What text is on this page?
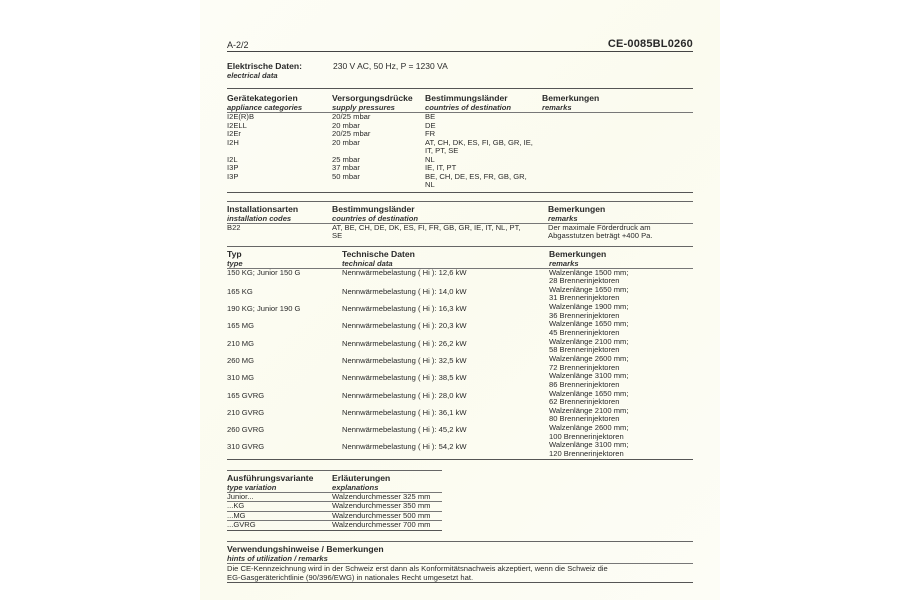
A-2/2	CE-0085BL0260
Elektrische Daten:
electrical data
230 V AC, 50 Hz, P = 1230 VA
Gerätekategorien
appliance categories
Versorgungsdrücke
supply pressures
Bestimmungsländer
countries of destination
Bemerkungen
remarks
I2E(R)B	20/25 mbar	BE
I2ELL	20 mbar	DE
I2Er	20/25 mbar	FR
I2H	20 mbar	AT, CH, DK, ES, FI, GB, GR, IE,
IT, PT, SE
I2L	25 mbar	NL
I3P	37 mbar	IE, IT, PT
I3P	50 mbar	BE, CH, DE, ES, FR, GB, GR,
NL
Installationsarten
installation codes
Bestimmungsländer
countries of destination
Bemerkungen
remarks
B22	AT, BE, CH, DE, DK, ES, FI, FR, GB, GR, IE, IT, NL, PT,
SE
Der maximale Förderdruck am
Abgasstutzen beträgt +400 Pa.
Typ
type
Technische Daten
technical data
Bemerkungen
remarks
150 KG; Junior 150 G	Nennwärmebelastung ( Hi ): 12,6 kW	Walzenlänge 1500 mm;
28 Brennerinjektoren
165 KG	Nennwärmebelastung ( Hi ): 14,0 kW	Walzenlänge 1650 mm;
31 Brennerinjektoren
190 KG; Junior 190 G	Nennwärmebelastung ( Hi ): 16,3 kW	Walzenlänge 1900 mm;
36 Brennerinjektoren
165 MG	Nennwärmebelastung ( Hi ): 20,3 kW	Walzenlänge 1650 mm;
45 Brennerinjektoren
210 MG	Nennwärmebelastung ( Hi ): 26,2 kW	Walzenlänge 2100 mm;
58 Brennerinjektoren
260 MG	Nennwärmebelastung ( Hi ): 32,5 kW	Walzenlänge 2600 mm;
72 Brennerinjektoren
310 MG	Nennwärmebelastung ( Hi ): 38,5 kW	Walzenlänge 3100 mm;
86 Brennerinjektoren
165 GVRG	Nennwärmebelastung ( Hi ): 28,0 kW	Walzenlänge 1650 mm;
62 Brennerinjektoren
210 GVRG	Nennwärmebelastung ( Hi ): 36,1 kW	Walzenlänge 2100 mm;
80 Brennerinjektoren
260 GVRG	Nennwärmebelastung ( Hi ): 45,2 kW	Walzenlänge 2600 mm;
100 Brennerinjektoren
310 GVRG	Nennwärmebelastung ( Hi ): 54,2 kW	Walzenlänge 3100 mm;
120 Brennerinjektoren
Ausführungsvariante
type variation
Erläuterungen
explanations
Junior...	Walzendurchmesser 325 mm
...KG	Walzendurchmesser 350 mm
...MG	Walzendurchmesser 500 mm
...GVRG	Walzendurchmesser 700 mm
Verwendungshinweise / Bemerkungen
hints of utilization / remarks
Die CE-Kennzeichnung wird in der Schweiz erst dann als Konformitätsnachweis akzeptiert, wenn die Schweiz die
EG-Gasgeräterichtlinie (90/396/EWG) in nationales Recht umgesetzt hat.
